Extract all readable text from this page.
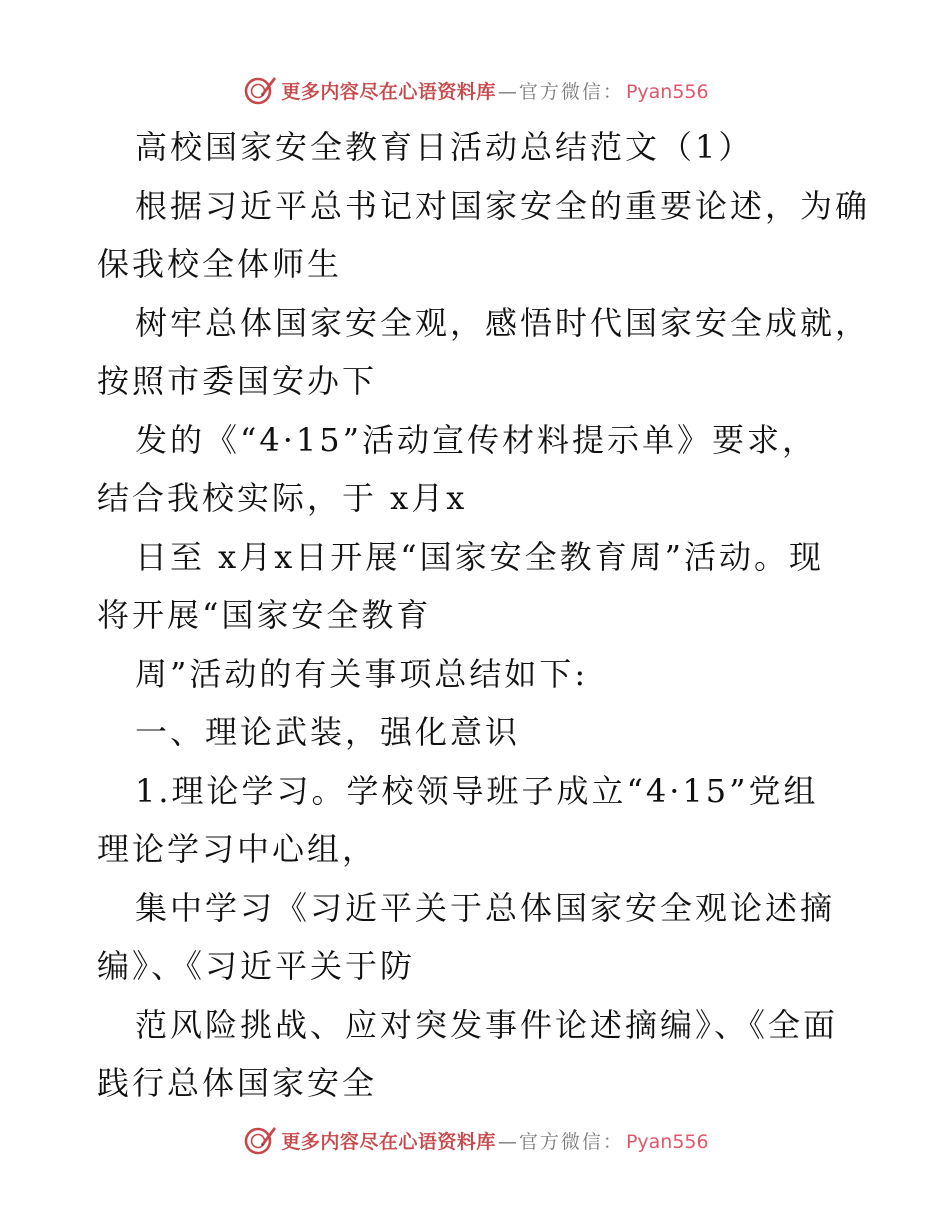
更多内容尽在心语资料库 — 官方微信： Pyan556

高校国家安全教育日活动总结范文（1）

根据习近平总书记对国家安全的重要论述，为确

保我校全体师生

树牢总体国家安全观，感悟时代国家安全成就，

按照市委国安办下

发的《“4·15”活动宣传材料提示单》要求，

结合我校实际，于 x月x

日至 x月x日开展“国家安全教育周”活动。现

将开展“国家安全教育

周”活动的有关事项总结如下:

一、理论武装，强化意识

1.理论学习。学校领导班子成立“4·15”党组

理论学习中心组，

集中学习《习近平关于总体国家安全观论述摘

编》、《习近平关于防

范风险挑战、应对突发事件论述摘编》、《全面

践行总体国家安全

更多内容尽在心语资料库 — 官方微信： Pyan556
